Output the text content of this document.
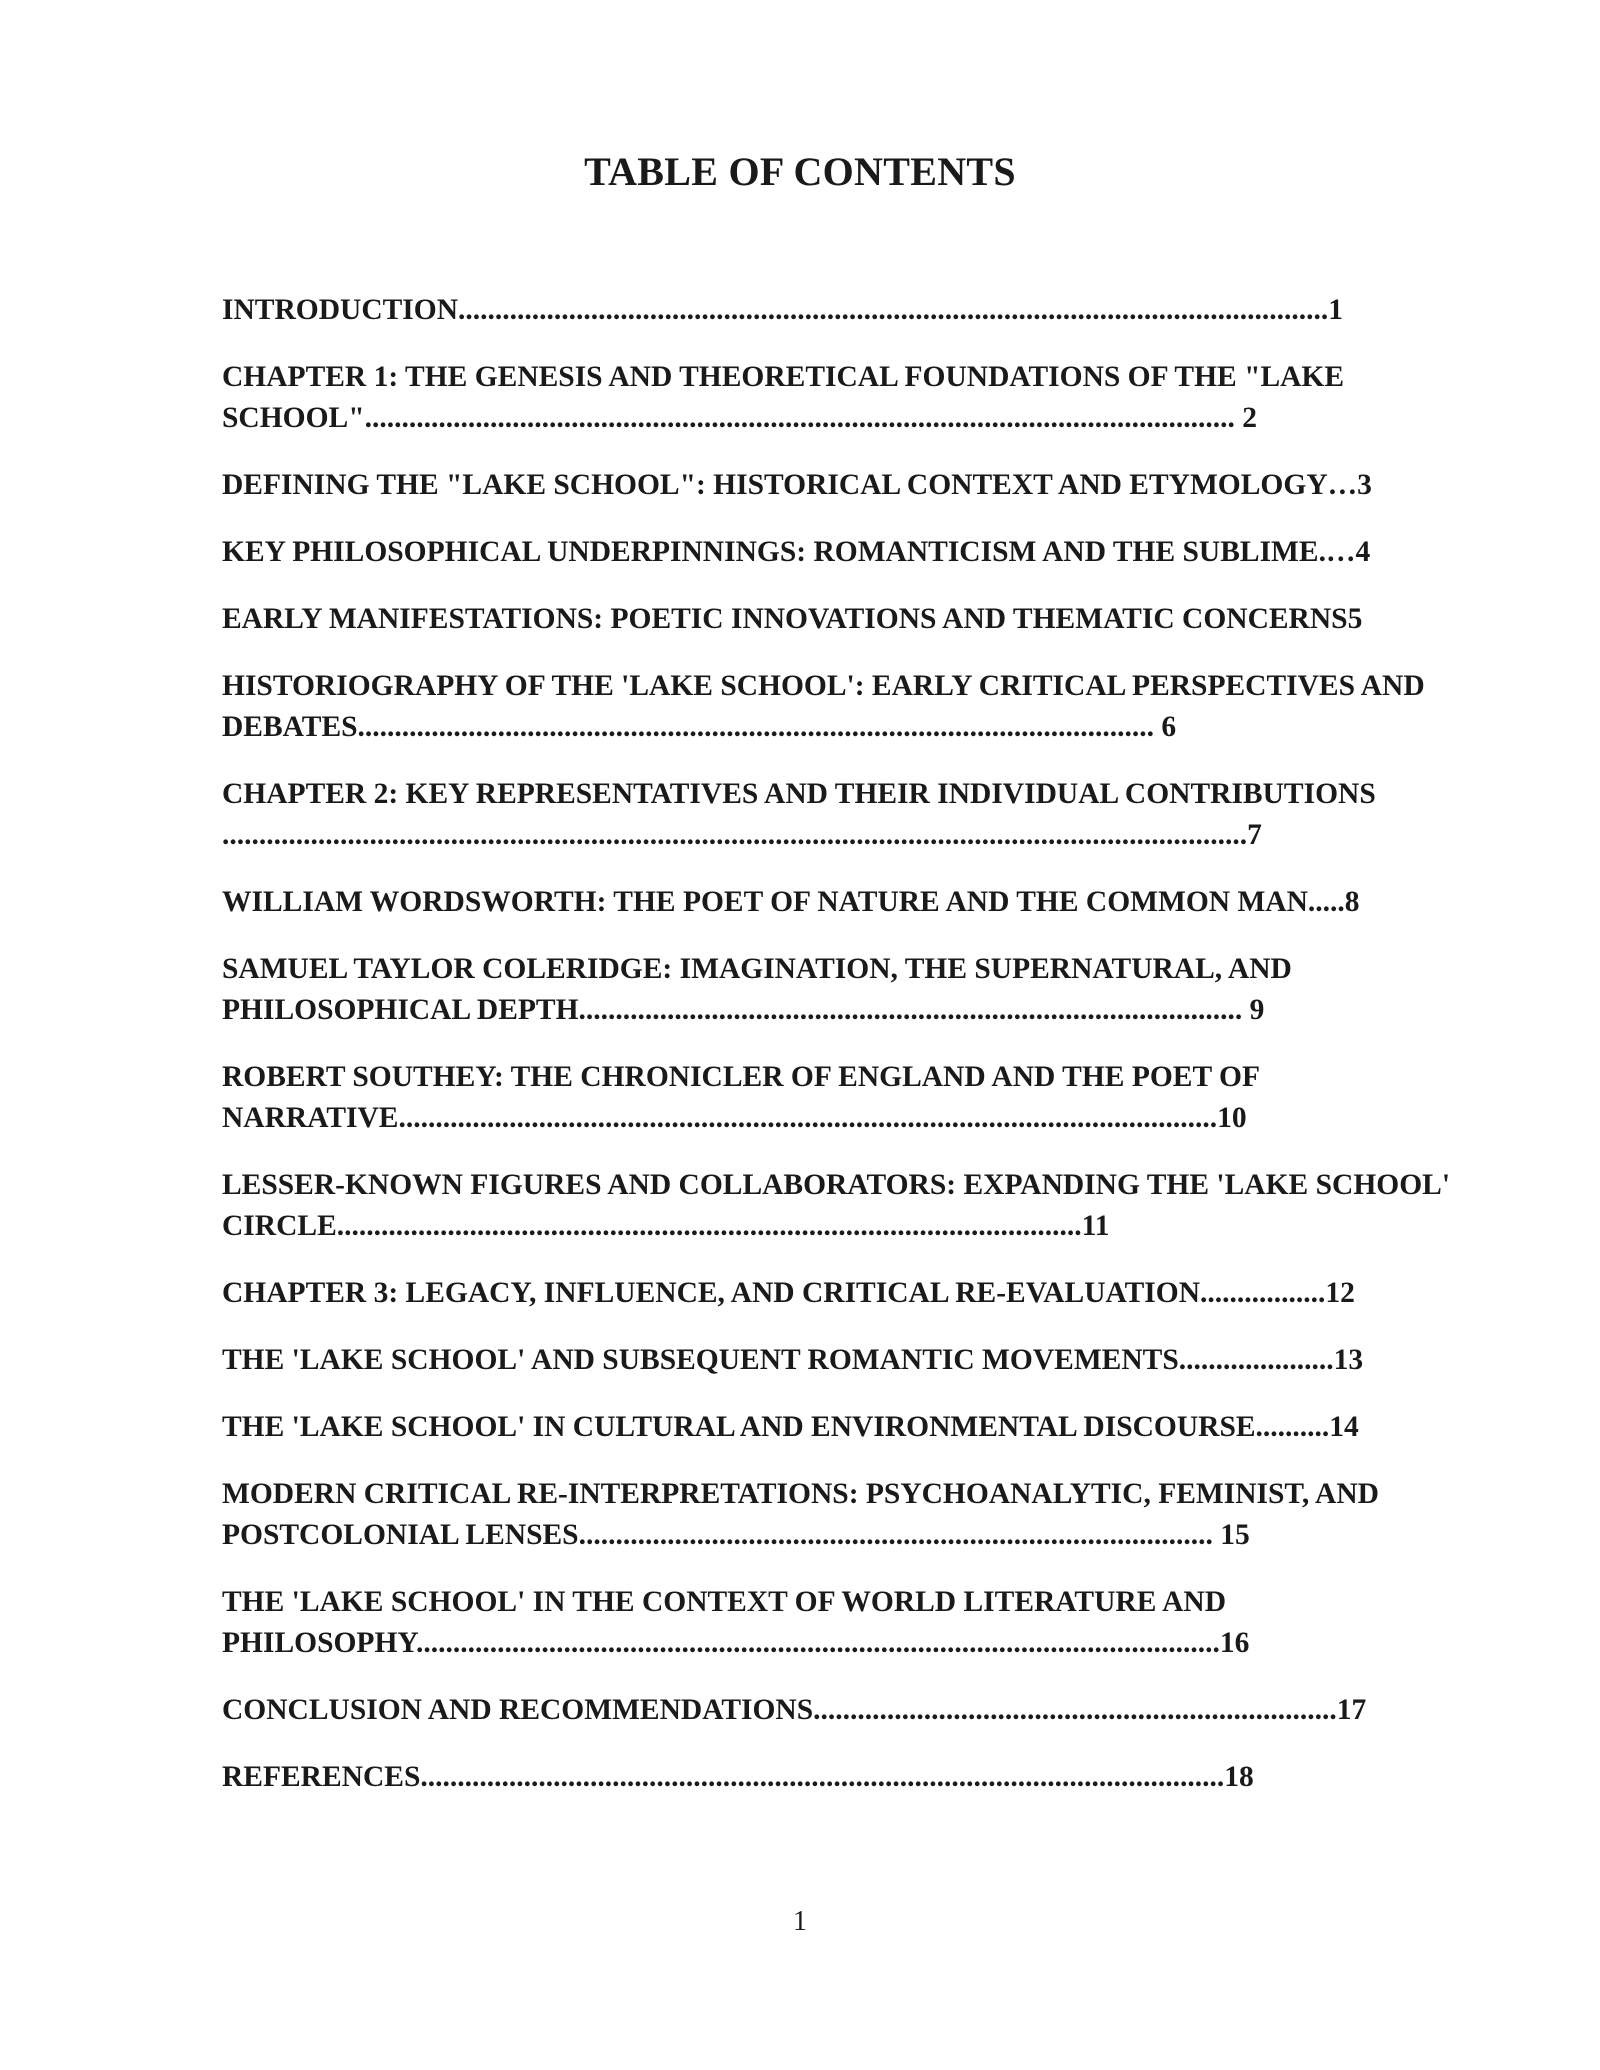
TABLE OF CONTENTS
INTRODUCTION......................................................................................................................1
CHAPTER 1: THE GENESIS AND THEORETICAL FOUNDATIONS OF THE "LAKE SCHOOL"...................................................................................................................... 2
DEFINING THE "LAKE SCHOOL": HISTORICAL CONTEXT AND ETYMOLOGY…3
KEY PHILOSOPHICAL UNDERPINNINGS: ROMANTICISM AND THE SUBLIME.…4
EARLY MANIFESTATIONS: POETIC INNOVATIONS AND THEMATIC CONCERNS5
HISTORIOGRAPHY OF THE 'LAKE SCHOOL': EARLY CRITICAL PERSPECTIVES AND DEBATES............................................................................................................ 6
CHAPTER 2: KEY REPRESENTATIVES AND THEIR INDIVIDUAL CONTRIBUTIONS ...........................................................................................................................................7
WILLIAM WORDSWORTH: THE POET OF NATURE AND THE COMMON MAN.....8
SAMUEL TAYLOR COLERIDGE: IMAGINATION, THE SUPERNATURAL, AND PHILOSOPHICAL DEPTH.......................................................................................... 9
ROBERT SOUTHEY: THE CHRONICLER OF ENGLAND AND THE POET OF NARRATIVE...............................................................................................................10
LESSER-KNOWN FIGURES AND COLLABORATORS: EXPANDING THE 'LAKE SCHOOL' CIRCLE.....................................................................................................11
CHAPTER 3: LEGACY, INFLUENCE, AND CRITICAL RE-EVALUATION.................12
THE 'LAKE SCHOOL' AND SUBSEQUENT ROMANTIC MOVEMENTS.....................13
THE 'LAKE SCHOOL' IN CULTURAL AND ENVIRONMENTAL DISCOURSE..........14
MODERN CRITICAL RE-INTERPRETATIONS: PSYCHOANALYTIC, FEMINIST, AND POSTCOLONIAL LENSES...................................................................................... 15
THE 'LAKE SCHOOL' IN THE CONTEXT OF WORLD LITERATURE AND PHILOSOPHY.............................................................................................................16
CONCLUSION AND RECOMMENDATIONS.......................................................................17
REFERENCES.............................................................................................................18
1
